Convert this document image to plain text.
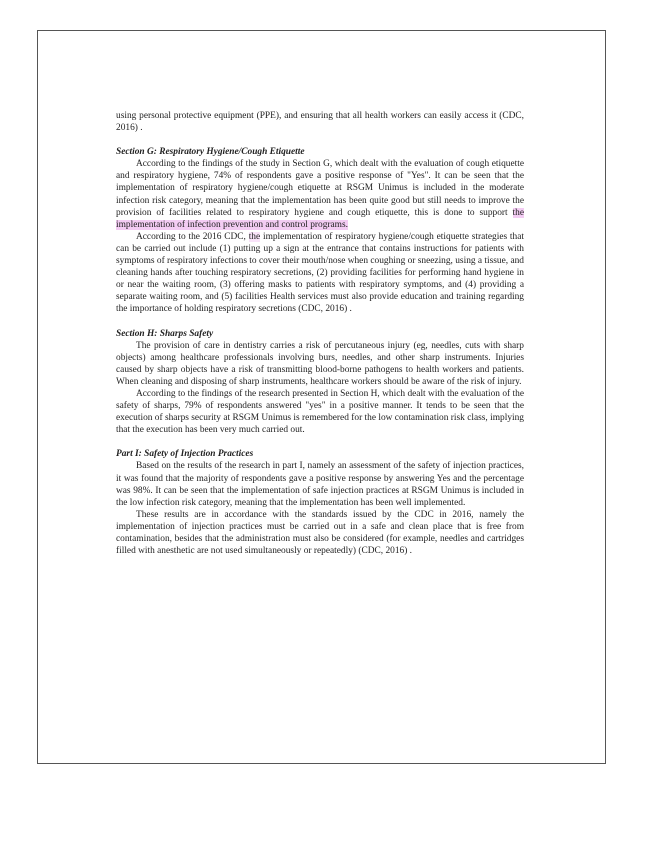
using personal protective equipment (PPE), and ensuring that all health workers can easily access it (CDC, 2016) .

Section G: Respiratory Hygiene/Cough Etiquette

According to the findings of the study in Section G, which dealt with the evaluation of cough etiquette and respiratory hygiene, 74% of respondents gave a positive response of "Yes". It can be seen that the implementation of respiratory hygiene/cough etiquette at RSGM Unimus is included in the moderate infection risk category, meaning that the implementation has been quite good but still needs to improve the provision of facilities related to respiratory hygiene and cough etiquette, this is done to support the implementation of infection prevention and control programs.

According to the 2016 CDC, the implementation of respiratory hygiene/cough etiquette strategies that can be carried out include (1) putting up a sign at the entrance that contains instructions for patients with symptoms of respiratory infections to cover their mouth/nose when coughing or sneezing, using a tissue, and cleaning hands after touching respiratory secretions, (2) providing facilities for performing hand hygiene in or near the waiting room, (3) offering masks to patients with respiratory symptoms, and (4) providing a separate waiting room, and (5) facilities Health services must also provide education and training regarding the importance of holding respiratory secretions (CDC, 2016) .

Section H: Sharps Safety

The provision of care in dentistry carries a risk of percutaneous injury (eg, needles, cuts with sharp objects) among healthcare professionals involving burs, needles, and other sharp instruments. Injuries caused by sharp objects have a risk of transmitting blood-borne pathogens to health workers and patients. When cleaning and disposing of sharp instruments, healthcare workers should be aware of the risk of injury.

According to the findings of the research presented in Section H, which dealt with the evaluation of the safety of sharps, 79% of respondents answered "yes" in a positive manner. It tends to be seen that the execution of sharps security at RSGM Unimus is remembered for the low contamination risk class, implying that the execution has been very much carried out.

Part I: Safety of Injection Practices

Based on the results of the research in part I, namely an assessment of the safety of injection practices, it was found that the majority of respondents gave a positive response by answering Yes and the percentage was 98%. It can be seen that the implementation of safe injection practices at RSGM Unimus is included in the low infection risk category, meaning that the implementation has been well implemented.

These results are in accordance with the standards issued by the CDC in 2016, namely the implementation of injection practices must be carried out in a safe and clean place that is free from contamination, besides that the administration must also be considered (for example, needles and cartridges filled with anesthetic are not used simultaneously or repeatedly) (CDC, 2016) .
